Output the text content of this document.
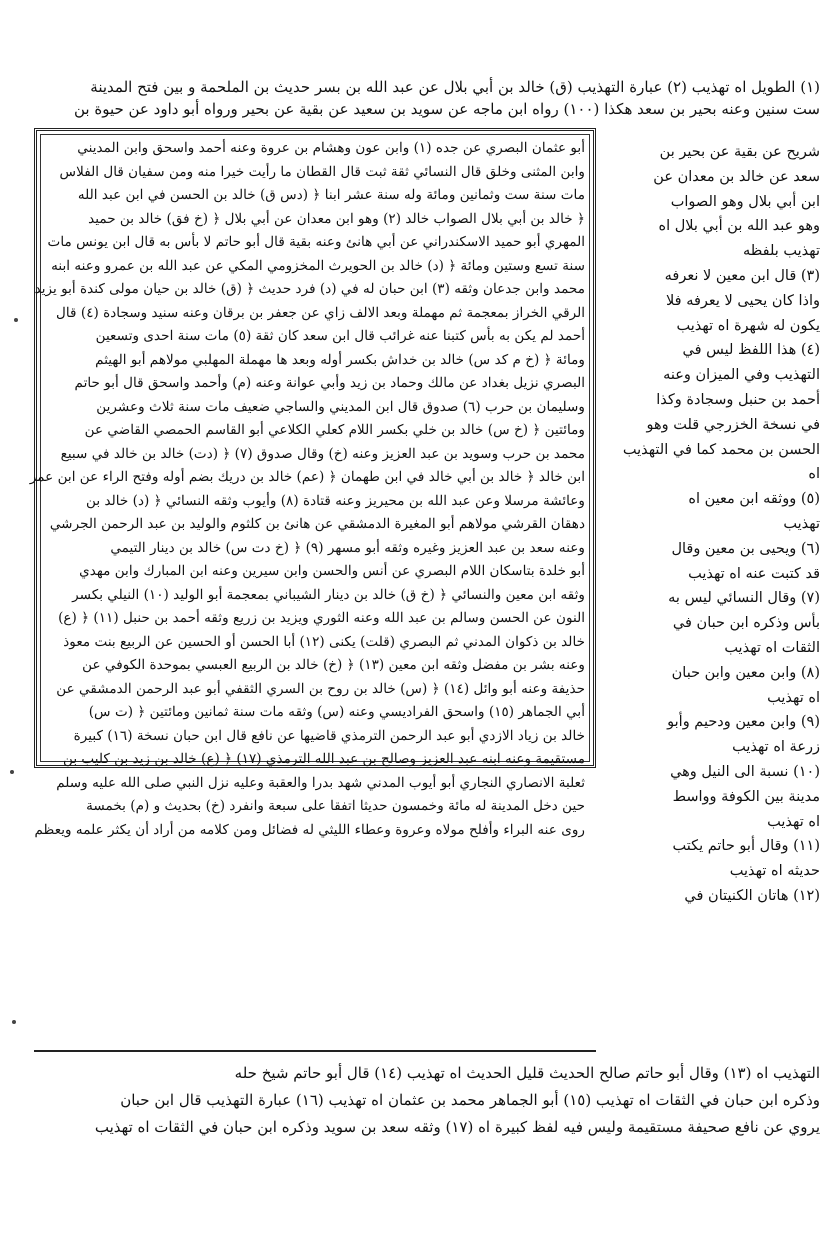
(١) الطويل اه تهذيب (٢) عبارة التهذيب (ق) خالد بن أبي بلال عن عبد الله بن بسر حديث بن الملحمة و بين فتح المدينة
ست سنين وعنه بحير بن سعد هكذا (١٠٠) رواه ابن ماجه عن سويد بن سعيد عن بقية عن بحير ورواه أبو داود عن حيوة بن
أبو عثمان البصري عن جده (١) وابن عون وهشام بن عروة وعنه أحمد واسحق وابن المديني
وابن المثنى وخلق قال النسائي ثقة ثبت قال القطان ما رأيت خيرا منه ومن سفيان قال الفلاس
مات سنة ست وثمانين ومائة وله سنة عشر ابنا ﴿ (دس ق) خالد بن الحسن في ابن عبد الله
﴿ خالد بن أبي بلال الصواب خالد (٢) وهو ابن معدان عن أبي بلال ﴿ (خ فق) خالد بن حميد
المهري أبو حميد الاسكندراني عن أبي هانئ وعنه بقية قال أبو حاتم لا بأس به قال ابن يونس مات
سنة تسع وستين ومائة ﴿ (د) خالد بن الحويرث المخزومي المكي عن عبد الله بن عمرو وعنه ابنه
محمد وابن جدعان وثقه (٣) ابن حبان له في (د) فرد حديث ﴿ (ق) خالد بن حيان مولى كندة أبو يزيد
الرقي الخراز بمعجمة ثم مهملة وبعد الالف زاي عن جعفر بن برقان وعنه سنيد وسجادة (٤) قال
أحمد لم يكن به بأس كتبنا عنه غرائب قال ابن سعد كان ثقة (٥) مات سنة احدى وتسعين
ومائة ﴿ (خ م كد س) خالد بن خداش بكسر أوله وبعد ها مهملة المهلبي مولاهم أبو الهيثم
البصري نزيل بغداد عن مالك وحماد بن زيد وأبي عوانة وعنه (م) وأحمد واسحق قال أبو حاتم
وسليمان بن حرب (٦) صدوق قال ابن المديني والساجي ضعيف مات سنة ثلاث وعشرين
ومائتين ﴿ (خ س) خالد بن خلي بكسر اللام كعلي الكلاعي أبو القاسم الحمصي القاضي عن
محمد بن حرب وسويد بن عبد العزيز وعنه (خ) وقال صدوق (٧) ﴿ (دت) خالد بن خالد في سبيع
ابن خالد ﴿ خالد بن أبي خالد في ابن طهمان ﴿ (عم) خالد بن دريك بضم أوله وفتح الراء عن ابن عمر
وعائشة مرسلا وعن عبد الله بن محيريز وعنه قتادة (٨) وأيوب وثقه النسائي ﴿ (د) خالد بن
دهقان القرشي مولاهم أبو المغيرة الدمشقي عن هانئ بن كلثوم والوليد بن عبد الرحمن الجرشي
وعنه سعد بن عبد العزيز وغيره وثقه أبو مسهر (٩) ﴿ (خ دت س) خالد بن دينار التيمي
أبو خلدة بتاسكان اللام البصري عن أنس والحسن وابن سيرين وعنه ابن المبارك وابن مهدي
وثقه ابن معين والنسائي ﴿ (خ ق) خالد بن دينار الشيباني بمعجمة أبو الوليد (١٠) النيلي بكسر
النون عن الحسن وسالم بن عبد الله وعنه الثوري ويزيد بن زريع وثقه أحمد بن حنبل (١١) ﴿ (ع)
خالد بن ذكوان المدني ثم البصري (قلت) يكنى (١٢) أبا الحسن أو الحسين عن الربيع بنت معوذ
وعنه بشر بن مفضل وثقه ابن معين (١٣) ﴿ (خ) خالد بن الربيع العبسي بموحدة الكوفي عن
حذيفة وعنه أبو وائل (١٤) ﴿ (س) خالد بن روح بن السري الثقفي أبو عبد الرحمن الدمشقي عن
أبي الجماهر (١٥) واسحق الفراديسي وعنه (س) وثقه مات سنة ثمانين ومائتين ﴿ (ت س)
خالد بن زياد الازدي أبو عبد الرحمن الترمذي قاضيها عن نافع قال ابن حبان نسخة (١٦) كبيرة
مستقيمة وعنه ابنه عبد العزيز وصالح بن عبد الله الترمذي (١٧) ﴿ (ع) خالد بن زيد بن كليب بن
ثعلبة الانصاري النجاري أبو أيوب المدني شهد بدرا والعقبة وعليه نزل النبي صلى الله عليه وسلم
حين دخل المدينة له مائة وخمسون حديثا اتفقا على سبعة وانفرد (خ) بحديث و (م) بخمسة
روى عنه البراء وأفلح مولاه وعروة وعطاء الليثي له فضائل ومن كلامه من أراد أن يكثر علمه ويعظم
شريح عن بقية عن بحير بن
سعد عن خالد بن معدان عن
ابن أبي بلال وهو الصواب
وهو عبد الله بن أبي بلال اه
تهذيب بلفظه
(٣) قال ابن معين لا نعرفه
واذا كان يحيى لا يعرفه فلا
يكون له شهرة اه تهذيب
(٤) هذا اللفظ ليس في
التهذيب وفي الميزان وعنه
أحمد بن حنبل وسجادة وكذا
في نسخة الخزرجي قلت وهو
الحسن بن محمد كما في التهذيب
اه
(٥) ووثقه ابن معين اه
تهذيب
(٦) ويحيى بن معين وقال
قد كتبت عنه اه تهذيب
(٧) وقال النسائي ليس به
بأس وذكره ابن حبان في
الثقات اه تهذيب
(٨) وابن معين وابن حبان
اه تهذيب
(٩) وابن معين ودحيم وأبو
زرعة اه تهذيب
(١٠) نسبة الى النيل وهي
مدينة بين الكوفة وواسط
اه تهذيب
(١١) وقال أبو حاتم يكتب
حديثه اه تهذيب
(١٢) هاتان الكنيتان في
التهذيب اه (١٣) وقال أبو حاتم صالح الحديث قليل الحديث اه تهذيب (١٤) قال أبو حاتم شيخ حله
وذكره ابن حبان في الثقات اه تهذيب (١٥) أبو الجماهر محمد بن عثمان اه تهذيب (١٦) عبارة التهذيب قال ابن حبان
يروي عن نافع صحيفة مستقيمة وليس فيه لفظ كبيرة اه (١٧) وثقه سعد بن سويد وذكره ابن حبان في الثقات اه تهذيب
